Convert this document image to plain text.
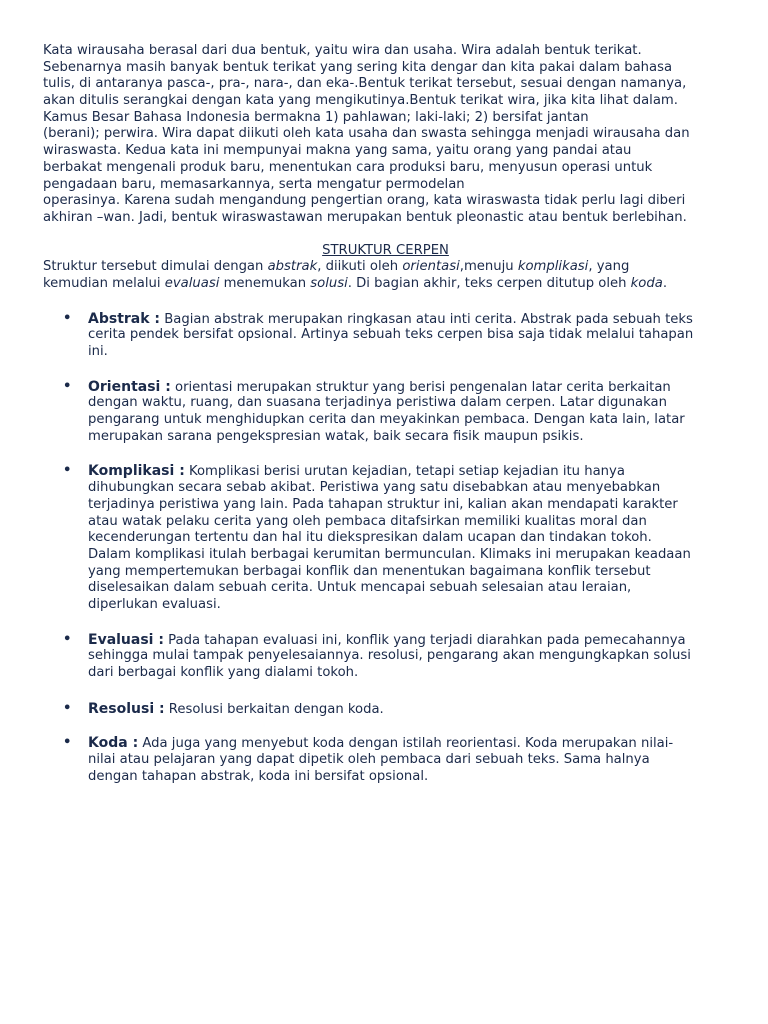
Kata wirausaha berasal dari dua bentuk, yaitu wira dan usaha. Wira adalah bentuk terikat.
Sebenarnya masih banyak bentuk terikat yang sering kita dengar dan kita pakai dalam bahasa
tulis, di antaranya pasca-, pra-, nara-, dan eka-.Bentuk terikat tersebut, sesuai dengan namanya,
akan ditulis serangkai dengan kata yang mengikutinya.Bentuk terikat wira, jika kita lihat dalam.
Kamus Besar Bahasa Indonesia bermakna 1) pahlawan; laki-laki; 2) bersifat jantan
(berani); perwira. Wira dapat diikuti oleh kata usaha dan swasta sehingga menjadi wirausaha dan
wiraswasta. Kedua kata ini mempunyai makna yang sama, yaitu orang yang pandai atau
berbakat mengenali produk baru, menentukan cara produksi baru, menyusun operasi untuk
pengadaan baru, memasarkannya, serta mengatur permodelan
operasinya. Karena sudah mengandung pengertian orang, kata wiraswasta tidak perlu lagi diberi
akhiran –wan. Jadi, bentuk wiraswastawan merupakan bentuk pleonastic atau bentuk berlebihan.
STRUKTUR CERPEN
Struktur tersebut dimulai dengan abstrak, diikuti oleh orientasi,menuju komplikasi, yang
kemudian melalui evaluasi menemukan solusi. Di bagian akhir, teks cerpen ditutup oleh koda.
• Abstrak : Bagian abstrak merupakan ringkasan atau inti cerita. Abstrak pada sebuah teks
cerita pendek bersifat opsional. Artinya sebuah teks cerpen bisa saja tidak melalui tahapan
ini.
• Orientasi : orientasi merupakan struktur yang berisi pengenalan latar cerita berkaitan
dengan waktu, ruang, dan suasana terjadinya peristiwa dalam cerpen. Latar digunakan
pengarang untuk menghidupkan cerita dan meyakinkan pembaca. Dengan kata lain, latar
merupakan sarana pengekspresian watak, baik secara fisik maupun psikis.
• Komplikasi : Komplikasi berisi urutan kejadian, tetapi setiap kejadian itu hanya
dihubungkan secara sebab akibat. Peristiwa yang satu disebabkan atau menyebabkan
terjadinya peristiwa yang lain. Pada tahapan struktur ini, kalian akan mendapati karakter
atau watak pelaku cerita yang oleh pembaca ditafsirkan memiliki kualitas moral dan
kecenderungan tertentu dan hal itu diekspresikan dalam ucapan dan tindakan tokoh.
Dalam komplikasi itulah berbagai kerumitan bermunculan. Klimaks ini merupakan keadaan
yang mempertemukan berbagai konflik dan menentukan bagaimana konflik tersebut
diselesaikan dalam sebuah cerita. Untuk mencapai sebuah selesaian atau leraian,
diperlukan evaluasi.
• Evaluasi : Pada tahapan evaluasi ini, konflik yang terjadi diarahkan pada pemecahannya
sehingga mulai tampak penyelesaiannya. resolusi, pengarang akan mengungkapkan solusi
dari berbagai konflik yang dialami tokoh.
• Resolusi : Resolusi berkaitan dengan koda.
• Koda : Ada juga yang menyebut koda dengan istilah reorientasi. Koda merupakan nilai-
nilai atau pelajaran yang dapat dipetik oleh pembaca dari sebuah teks. Sama halnya
dengan tahapan abstrak, koda ini bersifat opsional.
